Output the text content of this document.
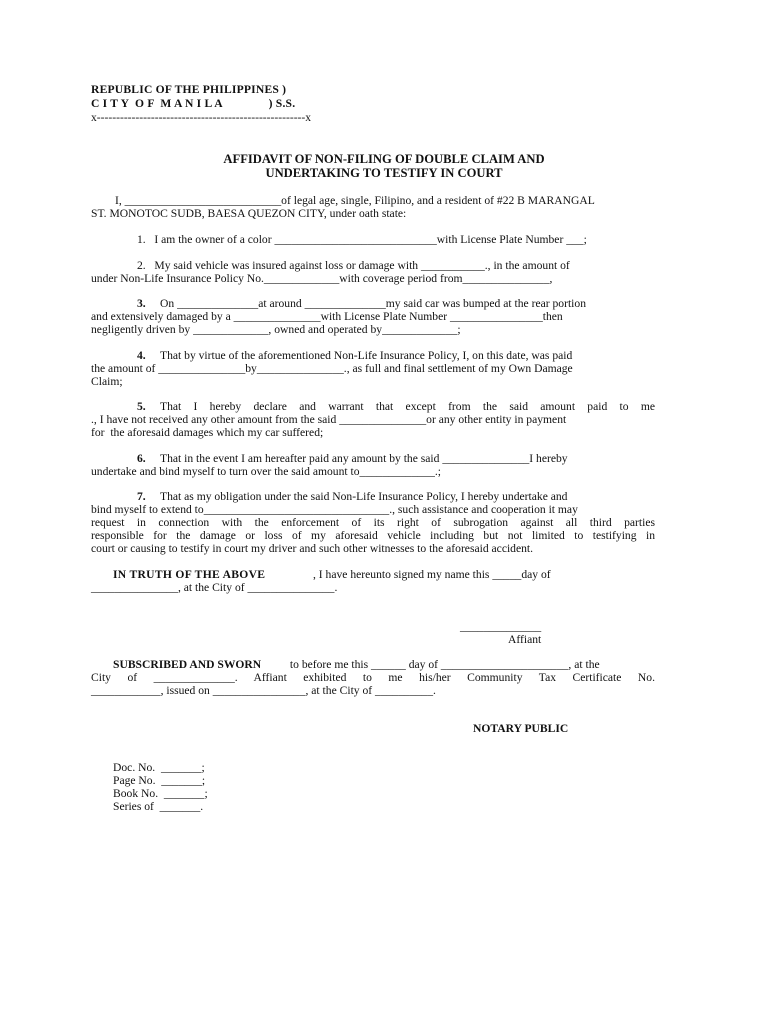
REPUBLIC OF THE PHILIPPINES )
C I T Y  O F  M A N I L A               ) S.S.
x------------------------------------------------------x
AFFIDAVIT OF NON-FILING OF DOUBLE CLAIM AND
UNDERTAKING TO TESTIFY IN COURT
I, ___________________________of legal age, single, Filipino, and a resident of #22 B MARANGAL
ST. MONOTOC SUDB, BAESA QUEZON CITY, under oath state:
1.   I am the owner of a color ____________________________with License Plate Number ___;
2.   My said vehicle was insured against loss or damage with ___________., in the amount of
under Non-Life Insurance Policy No._____________with coverage period from_______________,
3. On ______________at around ______________my said car was bumped at the rear portion
and extensively damaged by a _______________with License Plate Number ________________then
negligently driven by _____________, owned and operated by_____________;
4. That by virtue of the aforementioned Non-Life Insurance Policy, I, on this date, was paid
the amount of _______________by_______________., as full and final settlement of my Own Damage
Claim;
5. That I hereby declare and warrant that except from the said amount paid to me
., I have not received any other amount from the said _______________or any other entity in payment
for  the aforesaid damages which my car suffered;
6. That in the event I am hereafter paid any amount by the said _______________I hereby
undertake and bind myself to turn over the said amount to_____________.;
7. That as my obligation under the said Non-Life Insurance Policy, I hereby undertake and
bind myself to extend to________________________________., such assistance and cooperation it may
request in connection with the enforcement of its right of subrogation against all third parties
responsible for the damage or loss of my aforesaid vehicle including but not limited to testifying in
court or causing to testify in court my driver and such other witnesses to the aforesaid accident.
IN TRUTH OF THE ABOVE	, I have hereunto signed my name this _____day of
_______________, at the City of _______________.
______________
Affiant
SUBSCRIBED AND SWORN to before me this ______ day of ______________________, at the
City of ______________. Affiant exhibited to me his/her Community Tax Certificate No.
____________, issued on ________________, at the City of __________.
NOTARY PUBLIC
Doc. No.  _______;
Page No.  _______;
Book No.  _______;
Series of  _______.
